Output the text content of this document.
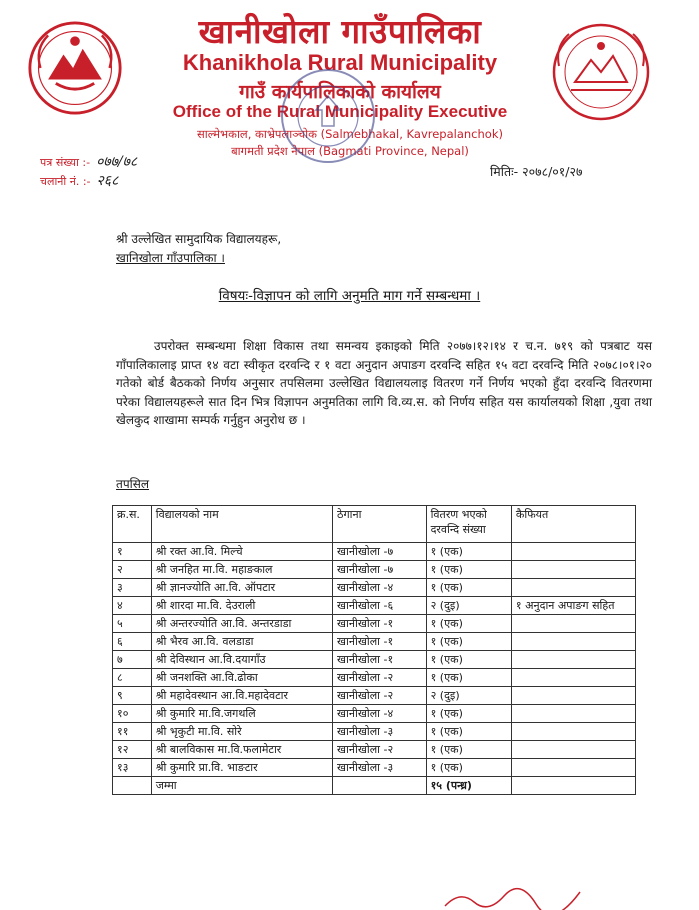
खानीखोला गाउँपालिका
Khanikhola Rural Municipality
गाउँ कार्यपालिकाको कार्यालय
Office of the Rural Municipality Executive
साल्मेभकाल, काभ्रेपलाञ्चोक (Salmebhakal, Kavrepalanchok)
बागमती प्रदेश नेपाल (Bagmati Province, Nepal)
पत्र संख्या :- ०७७/७८
चलानी नं. :- २६८
मितिः- २०७८/०१/२७
श्री उल्लेखित सामुदायिक विद्यालयहरू,
खानिखोला गाँउपालिका ।
विषयः-विज्ञापन को लागि अनुमति माग गर्ने सम्बन्धमा ।
उपरोक्त सम्बन्धमा शिक्षा विकास तथा समन्वय इकाइको मिति २०७७।१२।१४ र च.न. ७१९ को पत्रबाट यस गाँपालिकालाइ प्राप्त १४ वटा स्वीकृत दरवन्दि र १ वटा अनुदान अपाङग दरवन्दि सहित १५ वटा दरवन्दि मिति २०७८।०१।२० गतेको बोर्ड बैठकको निर्णय अनुसार तपसिलमा उल्लेखित विद्यालयलाइ वितरण गर्ने निर्णय भएको हुँदा दरवन्दि वितरणमा परेका विद्यालयहरूले सात दिन भित्र विज्ञापन अनुमतिका लागि वि.व्य.स. को निर्णय सहित यस कार्यालयको शिक्षा ,युवा तथा खेलकुद शाखामा सम्पर्क गर्नुहुन अनुरोध छ ।
तपसिल
क्र.स.	विद्यालयको नाम	ठेगाना	वितरण भएको दरवन्दि संख्या	कैफियत
१	श्री रक्त आ.वि. मिल्चे	खानीखोला -७	१ (एक)	
२	श्री जनहित मा.वि. महाङकाल	खानीखोला -७	१ (एक)	
३	श्री ज्ञानज्योति आ.वि. ऑपटार	खानीखोला -४	१ (एक)	
४	श्री शारदा मा.वि. देउराली	खानीखोला -६	२ (दुइ)	१ अनुदान अपाङग सहित
५	श्री अन्तरज्योति आ.वि. अन्तरडाडा	खानीखोला -१	१ (एक)	
६	श्री भैरव आ.वि. वलडाडा	खानीखोला -१	१ (एक)	
७	श्री देविस्थान आ.वि.दयागाँउ	खानीखोला -१	१ (एक)	
८	श्री जनशक्ति आ.वि.ढोका	खानीखोला -२	१ (एक)	
९	श्री महादेवस्थान आ.वि.महादेवटार	खानीखोला -२	२ (दुइ)	
१०	श्री कुमारि मा.वि.जगथलि	खानीखोला -४	१ (एक)	
११	श्री भृकुटी मा.वि. सोरे	खानीखोला -३	१ (एक)	
१२	श्री बालविकास मा.वि.फलामेटार	खानीखोला -२	१ (एक)	
१३	श्री कुमारि प्रा.वि. भाङटार	खानीखोला -३	१ (एक)	
	जम्मा		१५ (पन्ध्र)	
